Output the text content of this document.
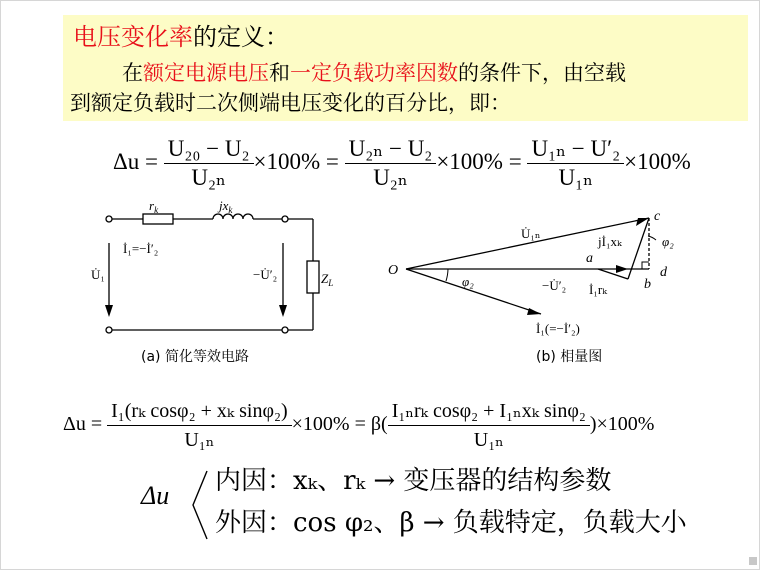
电压变化率的定义：
在额定电源电压和一定负载功率因数的条件下，由空载
到额定负载时二次侧端电压变化的百分比，即：
$\Delta u = \frac{\text{U₂₀ − U₂}}{\text{U₂ₙ}} \times 100\% = \frac{\text{U₂ₙ − U₂}}{\text{U₂ₙ}} \times 100\% = \frac{\text{U₁ₙ − U′₂}}{\text{U₁ₙ}} \times 100\%$
$r_k$	$jx_k$
İ₁=−İ′₂
U̇₁	−U̇′₂	$Z_L$
(a) 简化等效电路
O
U̇₁ₙ
jİ₁xₖ	φ₂
φ₂
a
b
c
d
−U̇′₂ İ₁rₖ
İ₁(=−İ′₂)
(b) 相量图
$\Delta u = \frac{\text{I₁(rₖ cosφ₂ + xₖ sinφ₂)}}{\text{U₁ₙ}} \times 100\% = \beta( \frac{\text{I₁ₙrₖ cosφ₂ + I₁ₙxₖ sinφ₂}}{\text{U₁ₙ}} )\times 100\%$
Δu 内因：xₖ、rₖ → 变压器的结构参数
外因：cos φ₂、β → 负载特定，负载大小
